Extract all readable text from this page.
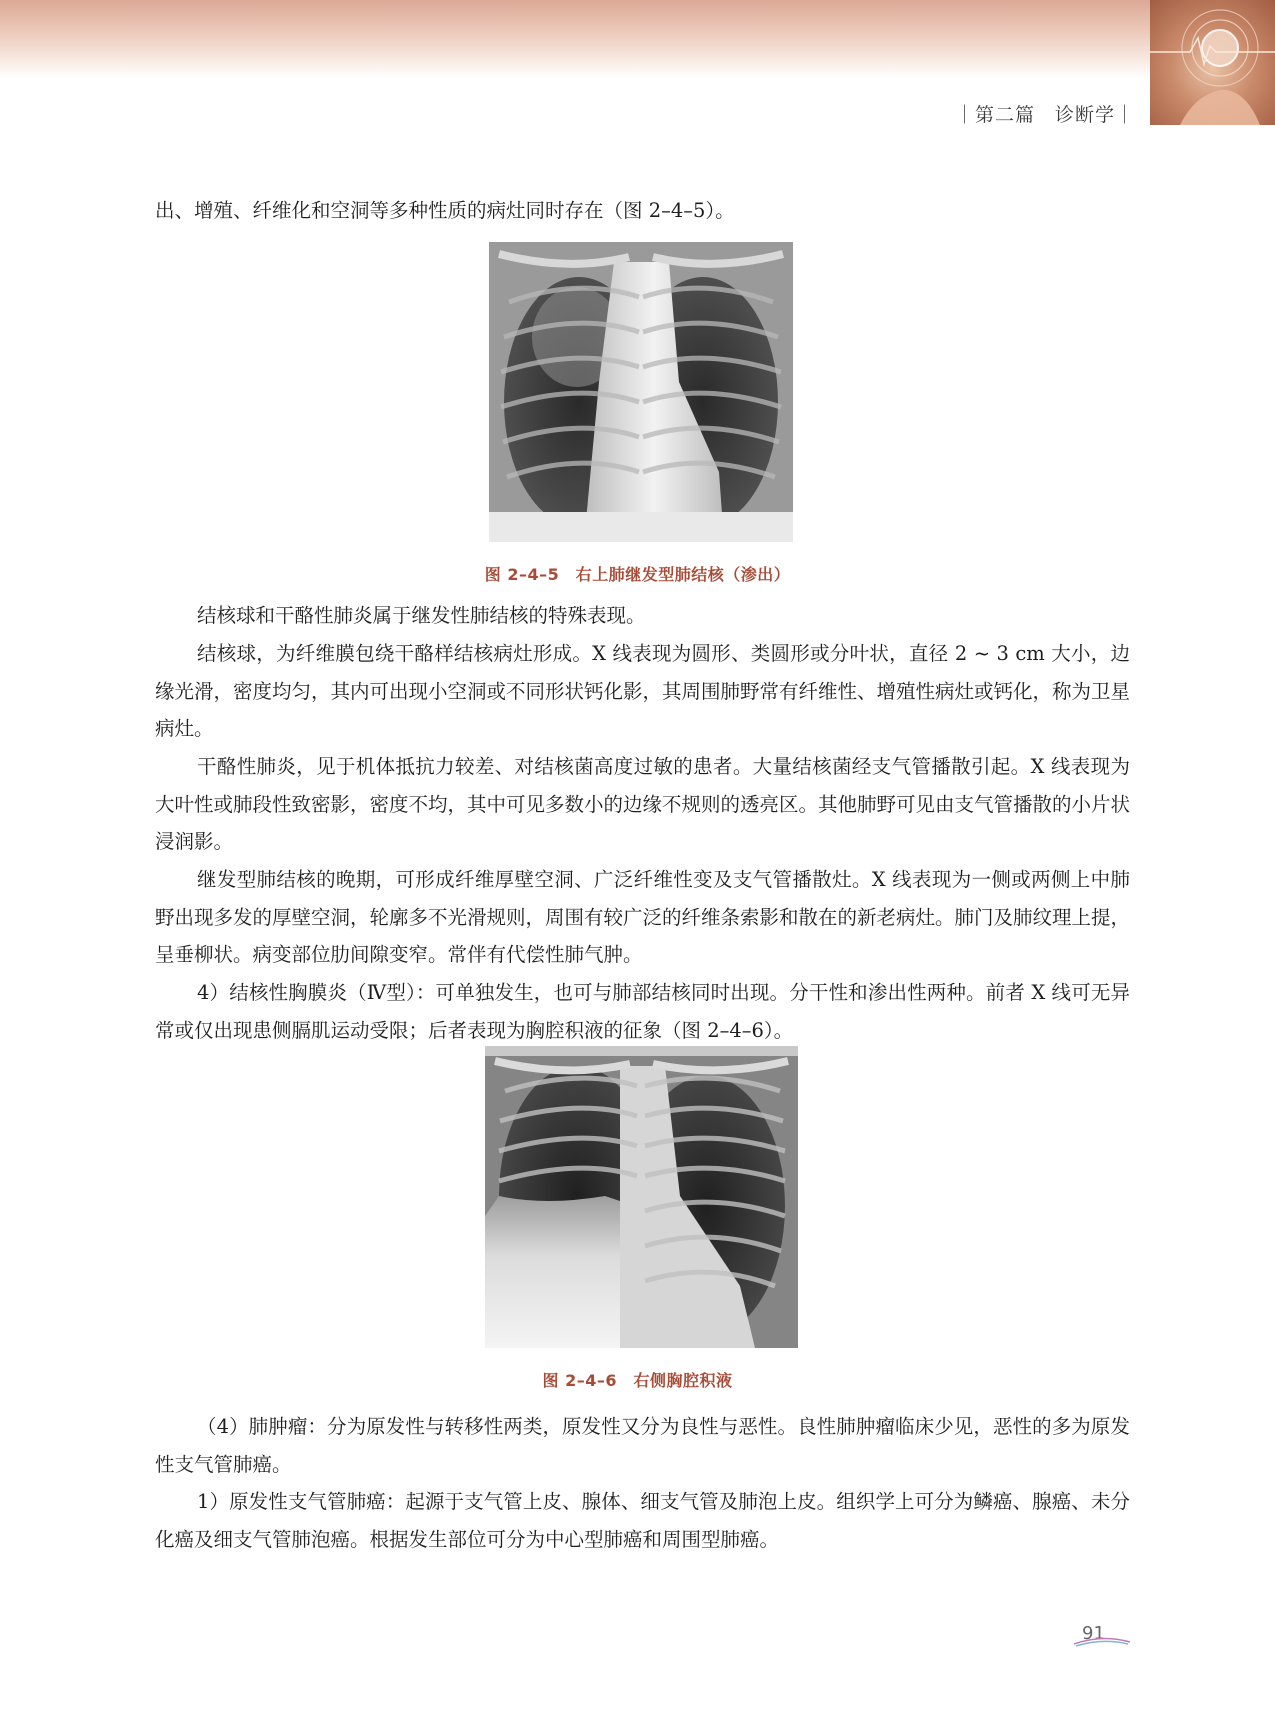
｜第二篇　诊断学｜

出、增殖、纤维化和空洞等多种性质的病灶同时存在（图 2–4–5）。

图 2–4–5　右上肺继发型肺结核（渗出）

结核球和干酪性肺炎属于继发性肺结核的特殊表现。

结核球，为纤维膜包绕干酪样结核病灶形成。X 线表现为圆形、类圆形或分叶状，直径 2 ~ 3 cm 大小，边缘光滑，密度均匀，其内可出现小空洞或不同形状钙化影，其周围肺野常有纤维性、增殖性病灶或钙化，称为卫星病灶。

干酪性肺炎，见于机体抵抗力较差、对结核菌高度过敏的患者。大量结核菌经支气管播散引起。X 线表现为大叶性或肺段性致密影，密度不均，其中可见多数小的边缘不规则的透亮区。其他肺野可见由支气管播散的小片状浸润影。

继发型肺结核的晚期，可形成纤维厚壁空洞、广泛纤维性变及支气管播散灶。X 线表现为一侧或两侧上中肺野出现多发的厚壁空洞，轮廓多不光滑规则，周围有较广泛的纤维条索影和散在的新老病灶。肺门及肺纹理上提，呈垂柳状。病变部位肋间隙变窄。常伴有代偿性肺气肿。

4）结核性胸膜炎（Ⅳ型）：可单独发生，也可与肺部结核同时出现。分干性和渗出性两种。前者 X 线可无异常或仅出现患侧膈肌运动受限；后者表现为胸腔积液的征象（图 2–4–6）。

图 2–4–6　右侧胸腔积液

（4）肺肿瘤：分为原发性与转移性两类，原发性又分为良性与恶性。良性肺肿瘤临床少见，恶性的多为原发性支气管肺癌。

1）原发性支气管肺癌：起源于支气管上皮、腺体、细支气管及肺泡上皮。组织学上可分为鳞癌、腺癌、未分化癌及细支气管肺泡癌。根据发生部位可分为中心型肺癌和周围型肺癌。

91
